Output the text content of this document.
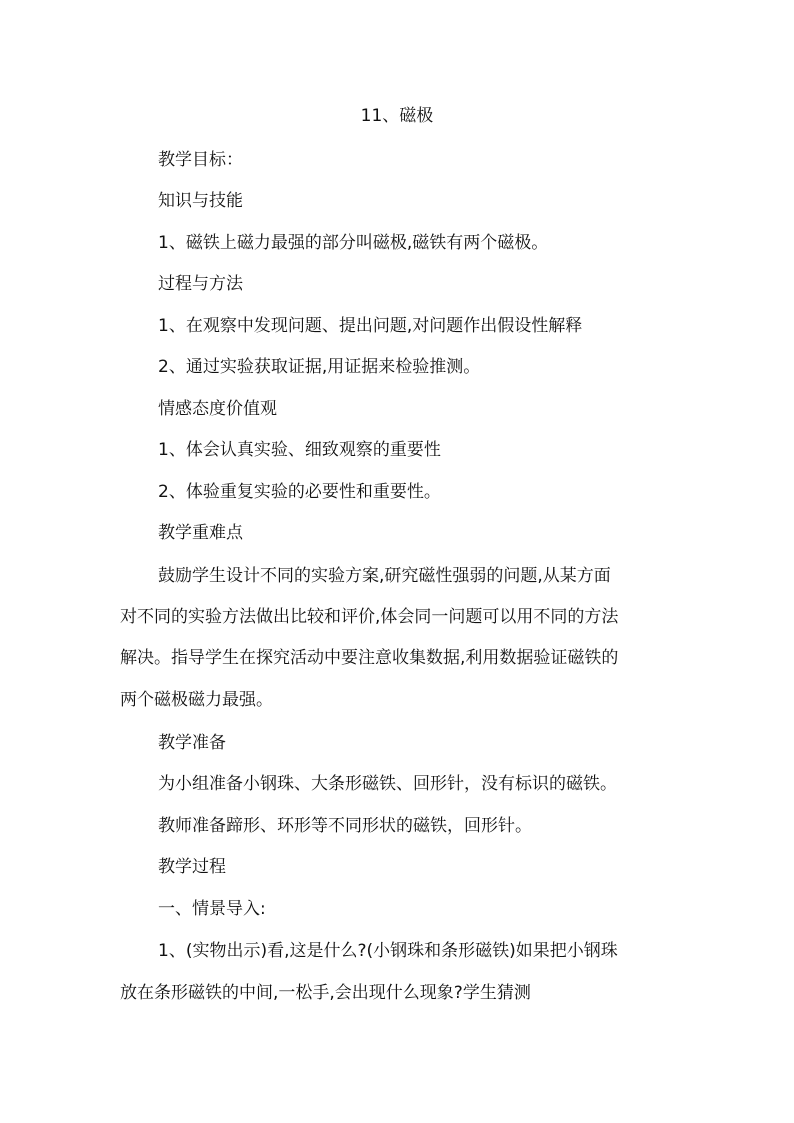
11、磁极
教学目标：
知识与技能
1、磁铁上磁力最强的部分叫磁极,磁铁有两个磁极。
过程与方法
1、在观察中发现问题、提出问题,对问题作出假设性解释
2、通过实验获取证据,用证据来检验推测。
情感态度价值观
1、体会认真实验、细致观察的重要性
2、体验重复实验的必要性和重要性。
教学重难点
鼓励学生设计不同的实验方案,研究磁性强弱的问题,从某方面
对不同的实验方法做出比较和评价,体会同一问题可以用不同的方法
解决。指导学生在探究活动中要注意收集数据,利用数据验证磁铁的
两个磁极磁力最强。
教学准备
为小组准备小钢珠、大条形磁铁、回形针，没有标识的磁铁。
教师准备蹄形、环形等不同形状的磁铁，回形针。
教学过程
一、情景导入:
1、(实物出示)看,这是什么?(小钢珠和条形磁铁)如果把小钢珠
放在条形磁铁的中间,一松手,会出现什么现象?学生猜测
